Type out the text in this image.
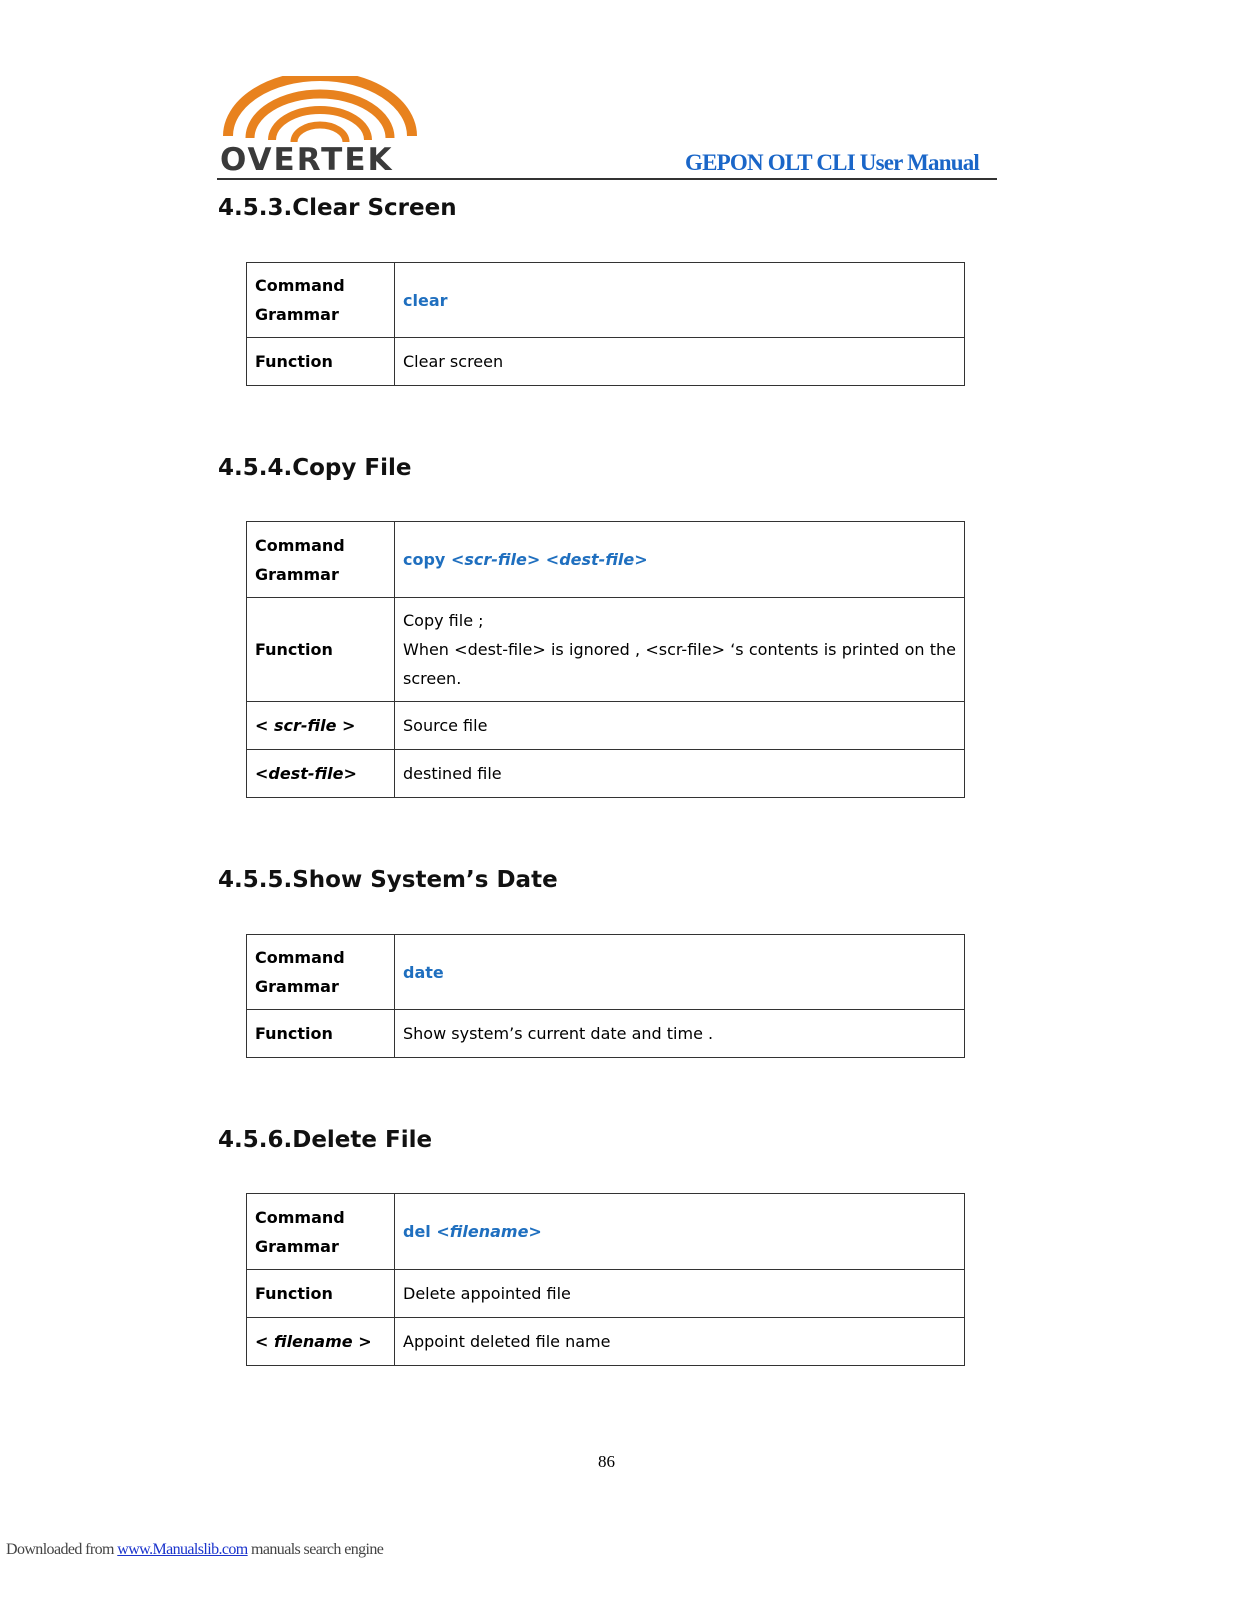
OVERTEK	GEPON OLT CLI User Manual
4.5.3.Clear Screen
Command Grammar	clear
Function	Clear screen
4.5.4.Copy File
Command Grammar	copy <scr-file> <dest-file>
Function	Copy file ;
When <dest-file> is ignored , <scr-file> ‘s contents is printed on the screen.

< scr-file >	Source file
<dest-file>	destined file
4.5.5.Show System’s Date
Command Grammar	date
Function	Show system’s current date and time .
4.5.6.Delete File
Command Grammar	del <filename>
Function	Delete appointed file
< filename >	Appoint deleted file name
86
Downloaded from www.Manualslib.com manuals search engine
